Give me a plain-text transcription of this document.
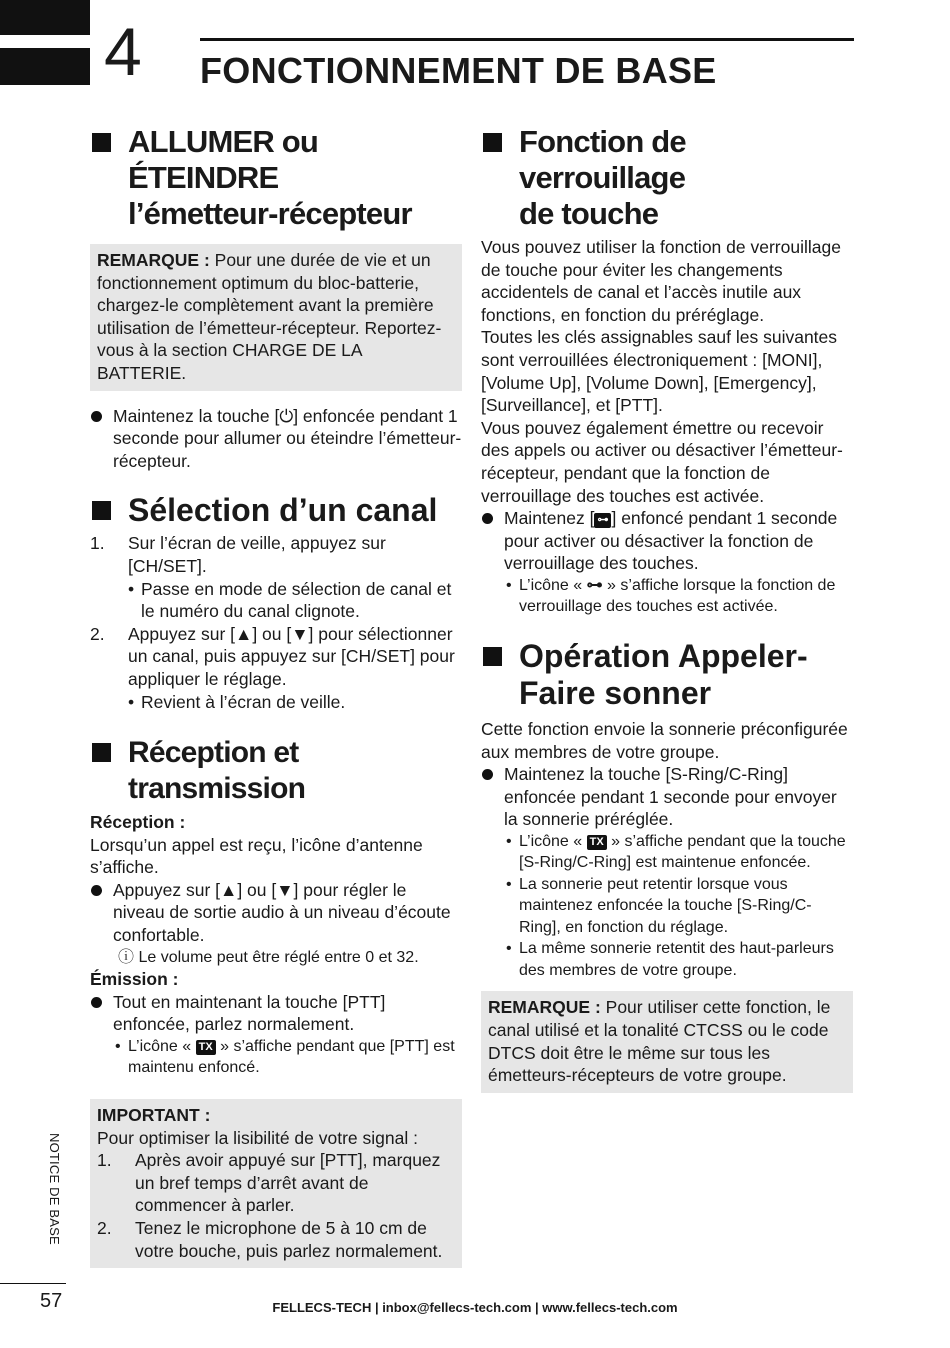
4 FONCTIONNEMENT DE BASE
ALLUMER ou ÉTEINDRE
l’émetteur-récepteur
REMARQUE : Pour une durée de vie et un fonctionnement optimum du bloc-batterie, chargez-le complètement avant la première utilisation de l’émetteur-récepteur. Reportez-vous à la section CHARGE DE LA BATTERIE.
Maintenez la touche [⏻] enfoncée pendant 1 seconde pour allumer ou éteindre l’émetteur-récepteur.
Sélection d’un canal
1. Sur l’écran de veille, appuyez sur [CH/SET].
• Passe en mode de sélection de canal et le numéro du canal clignote.
2. Appuyez sur [▲] ou [▼] pour sélectionner un canal, puis appuyez sur [CH/SET] pour appliquer le réglage.
• Revient à l’écran de veille.
Réception et transmission
Réception :

Lorsqu’un appel est reçu, l’icône d’antenne s’affiche.

Appuyez sur [▲] ou [▼] pour régler le niveau de sortie audio à un niveau d’écoute confortable.
ⓘ Le volume peut être réglé entre 0 et 32.
Émission :
Tout en maintenant la touche [PTT] enfoncée, parlez normalement.
• L’icône « TX » s’affiche pendant que [PTT] est maintenu enfoncé.
IMPORTANT :
Pour optimiser la lisibilité de votre signal :
1. Après avoir appuyé sur [PTT], marquez un bref temps d’arrêt avant de commencer à parler.
2. Tenez le microphone de 5 à 10 cm de votre bouche, puis parlez normalement.
Fonction de verrouillage
de touche

Vous pouvez utiliser la fonction de verrouillage de touche pour éviter les changements accidentels de canal et l’accès inutile aux fonctions, en fonction du préréglage.

Toutes les clés assignables sauf les suivantes sont verrouillées électroniquement : [MONI], [Volume Up], [Volume Down], [Emergency], [Surveillance], et [PTT].

Vous pouvez également émettre ou recevoir des appels ou activer ou désactiver l’émetteur-récepteur, pendant que la fonction de verrouillage des touches est activée.

Maintenez [ ⊶ ] enfoncé pendant 1 seconde pour activer ou désactiver la fonction de verrouillage des touches.
• L’icône « ⊶ » s’affiche lorsque la fonction de verrouillage des touches est activée.
Opération Appeler-
Faire sonner

Cette fonction envoie la sonnerie préconfigurée aux membres de votre groupe.

Maintenez la touche [S-Ring/C-Ring] enfoncée pendant 1 seconde pour envoyer la sonnerie préréglée.
• L’icône « TX » s’affiche pendant que la touche [S-Ring/C-Ring] est maintenue enfoncée.
• La sonnerie peut retentir lorsque vous maintenez enfoncée la touche [S-Ring/C-Ring], en fonction du réglage.
• La même sonnerie retentit des haut-parleurs des membres de votre groupe.
REMARQUE : Pour utiliser cette fonction, le canal utilisé et la tonalité CTCSS ou le code DTCS doit être le même sur tous les émetteurs-récepteurs de votre groupe.
NOTICE DE BASE
57	FELLECS-TECH | inbox@fellecs-tech.com | www.fellecs-tech.com
